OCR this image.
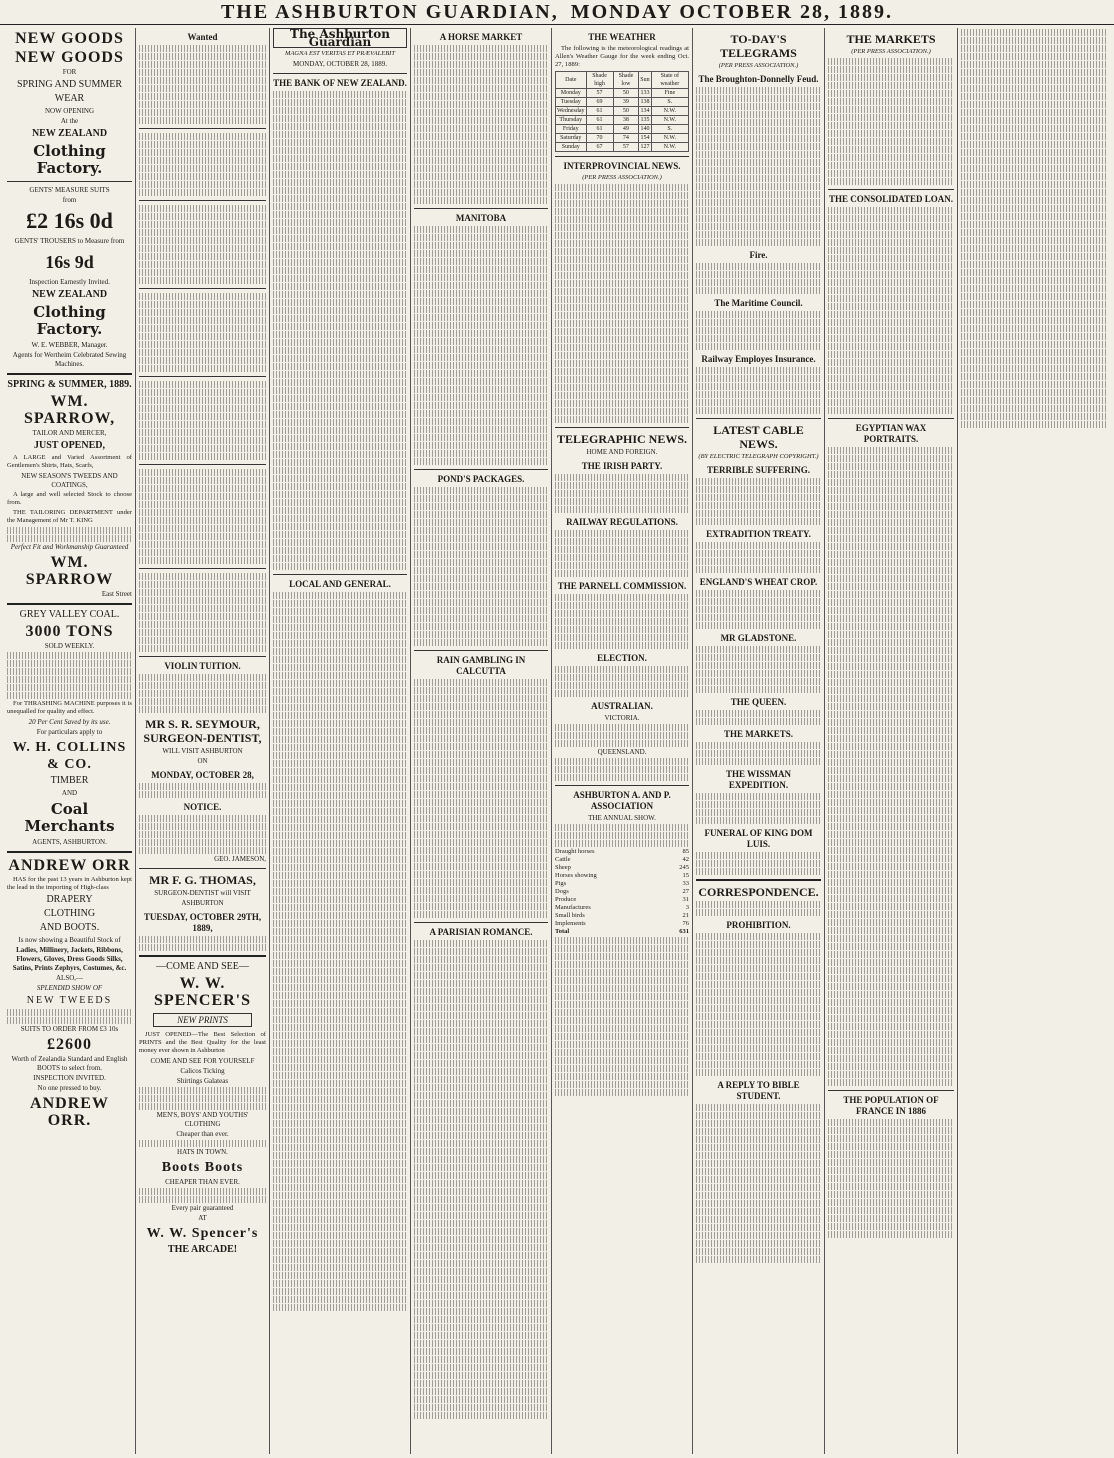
THE ASHBURTON GUARDIAN, MONDAY OCTOBER 28, 1889.
NEW GOODS
NEW GOODS
FOR
SPRING AND SUMMER
WEAR
NOW OPENING
At the
NEW ZEALAND
Clothing Factory.
GENTS' MEASURE SUITS
from
£2 16s 0d
GENTS' TROUSERS to Measure from
16s 9d
Inspection Earnestly Invited.
NEW ZEALAND
Clothing Factory.
W. E. WEBBER, Manager.
Agents for Wertheim Celebrated Sewing Machines.
SPRING & SUMMER, 1889.
WM. SPARROW,
TAILOR AND MERCER,
JUST OPENED,
A LARGE and Varied Assortment of Gentlemen's Shirts, Hats, Scarfs,
NEW SEASON'S TWEEDS AND COATINGS,
A large and well selected Stock to choose from.
THE TAILORING DEPARTMENT under the Management of Mr T. KING
Perfect Fit and Workmanship Guaranteed
WM. SPARROW
East Street
GREY VALLEY COAL.
3000 TONS
SOLD WEEKLY.
For THRASHING MACHINE purposes it is unequalled for quality and effect.
20 Per Cent Saved by its use.
For particulars apply to
W. H. COLLINS & CO.
TIMBER
AND
Coal Merchants
AGENTS, ASHBURTON.
ANDREW ORR
HAS for the past 13 years in Ashburton kept the lead in the importing of High-class
DRAPERY
CLOTHING
AND BOOTS.
Is now showing a Beautiful Stock of
Ladies, Millinery, Jackets, Ribbons, Flowers, Gloves, Dress Goods Silks, Satins, Prints Zephyrs, Costumes, &c.
ALSO,—
SPLENDID SHOW OF
NEW TWEEDS
SUITS TO ORDER FROM £3 10s
£2600
Worth of Zealandia Standard and English BOOTS to select from.
INSPECTION INVITED.
No one pressed to buy.
ANDREW ORR.
Wanted
VIOLIN TUITION.
MR S. R. SEYMOUR, SURGEON-DENTIST,
WILL VISIT ASHBURTON
ON
MONDAY, OCTOBER 28,
NOTICE.
GEO. JAMESON,
MR F. G. THOMAS,
SURGEON-DENTIST will VISIT
ASHBURTON
TUESDAY, OCTOBER 29TH, 1889,
—COME AND SEE—
W. W. SPENCER'S
NEW PRINTS
JUST OPENED—The Best Selection of PRINTS and the Best Quality for the least money ever shown in Ashburton
COME AND SEE FOR YOURSELF
Calicos Ticking
Shirtings Galateas
MEN'S, BOYS' AND YOUTHS' CLOTHING
Cheaper than ever.
HATS IN TOWN.
Boots Boots
CHEAPER THAN EVER.
Every pair guaranteed
AT
W. W. Spencer's
THE ARCADE!
The Ashburton Guardian
MAGNA EST VERITAS ET PRÆVALEBIT
MONDAY, OCTOBER 28, 1889.
THE BANK OF NEW ZEALAND.
LOCAL AND GENERAL.
A HORSE MARKET
MANITOBA
POND'S PACKAGES.
RAIN GAMBLING IN CALCUTTA
A PARISIAN ROMANCE.
THE WEATHER
The following is the meteorological readings at Allen's Weather Gauge for the week ending Oct. 27, 1889:
Date	Shade high	Shade low	Sun	State of weather
Monday	57	50	133	Fine
Tuesday	69	39	138	S.
Wednesday	61	50	134	N.W.
Thursday	61	38	135	N.W.
Friday	61	49	140	S.
Saturday	70	74	154	N.W.
Sunday	67	57	127	N.W.
INTERPROVINCIAL NEWS.
(PER PRESS ASSOCIATION.)
TELEGRAPHIC NEWS.
HOME AND FOREIGN.
THE IRISH PARTY.
RAILWAY REGULATIONS.
THE PARNELL COMMISSION.
ELECTION.
AUSTRALIAN.
VICTORIA.
QUEENSLAND.
ASHBURTON A. AND P. ASSOCIATION
THE ANNUAL SHOW.
Draught horses	85
Cattle	42
Sheep	245
Horses showing	15
Pigs	33
Dogs	27
Produce	31
Manufactures	3
Small birds	21
Implements	76
Total	631
TO-DAY'S TELEGRAMS
(PER PRESS ASSOCIATION.)
The Broughton-Donnelly Feud.
Fire.
The Maritime Council.
Railway Employes Insurance.
LATEST CABLE NEWS.
(BY ELECTRIC TELEGRAPH COPYRIGHT.)
TERRIBLE SUFFERING.
EXTRADITION TREATY.
ENGLAND'S WHEAT CROP.
MR GLADSTONE.
THE QUEEN.
THE MARKETS.
THE WISSMAN EXPEDITION.
FUNERAL OF KING DOM LUIS.
CORRESPONDENCE.
PROHIBITION.
A REPLY TO BIBLE STUDENT.
THE MARKETS
(PER PRESS ASSOCIATION.)
THE CONSOLIDATED LOAN.
EGYPTIAN WAX PORTRAITS.
THE POPULATION OF FRANCE IN 1886
